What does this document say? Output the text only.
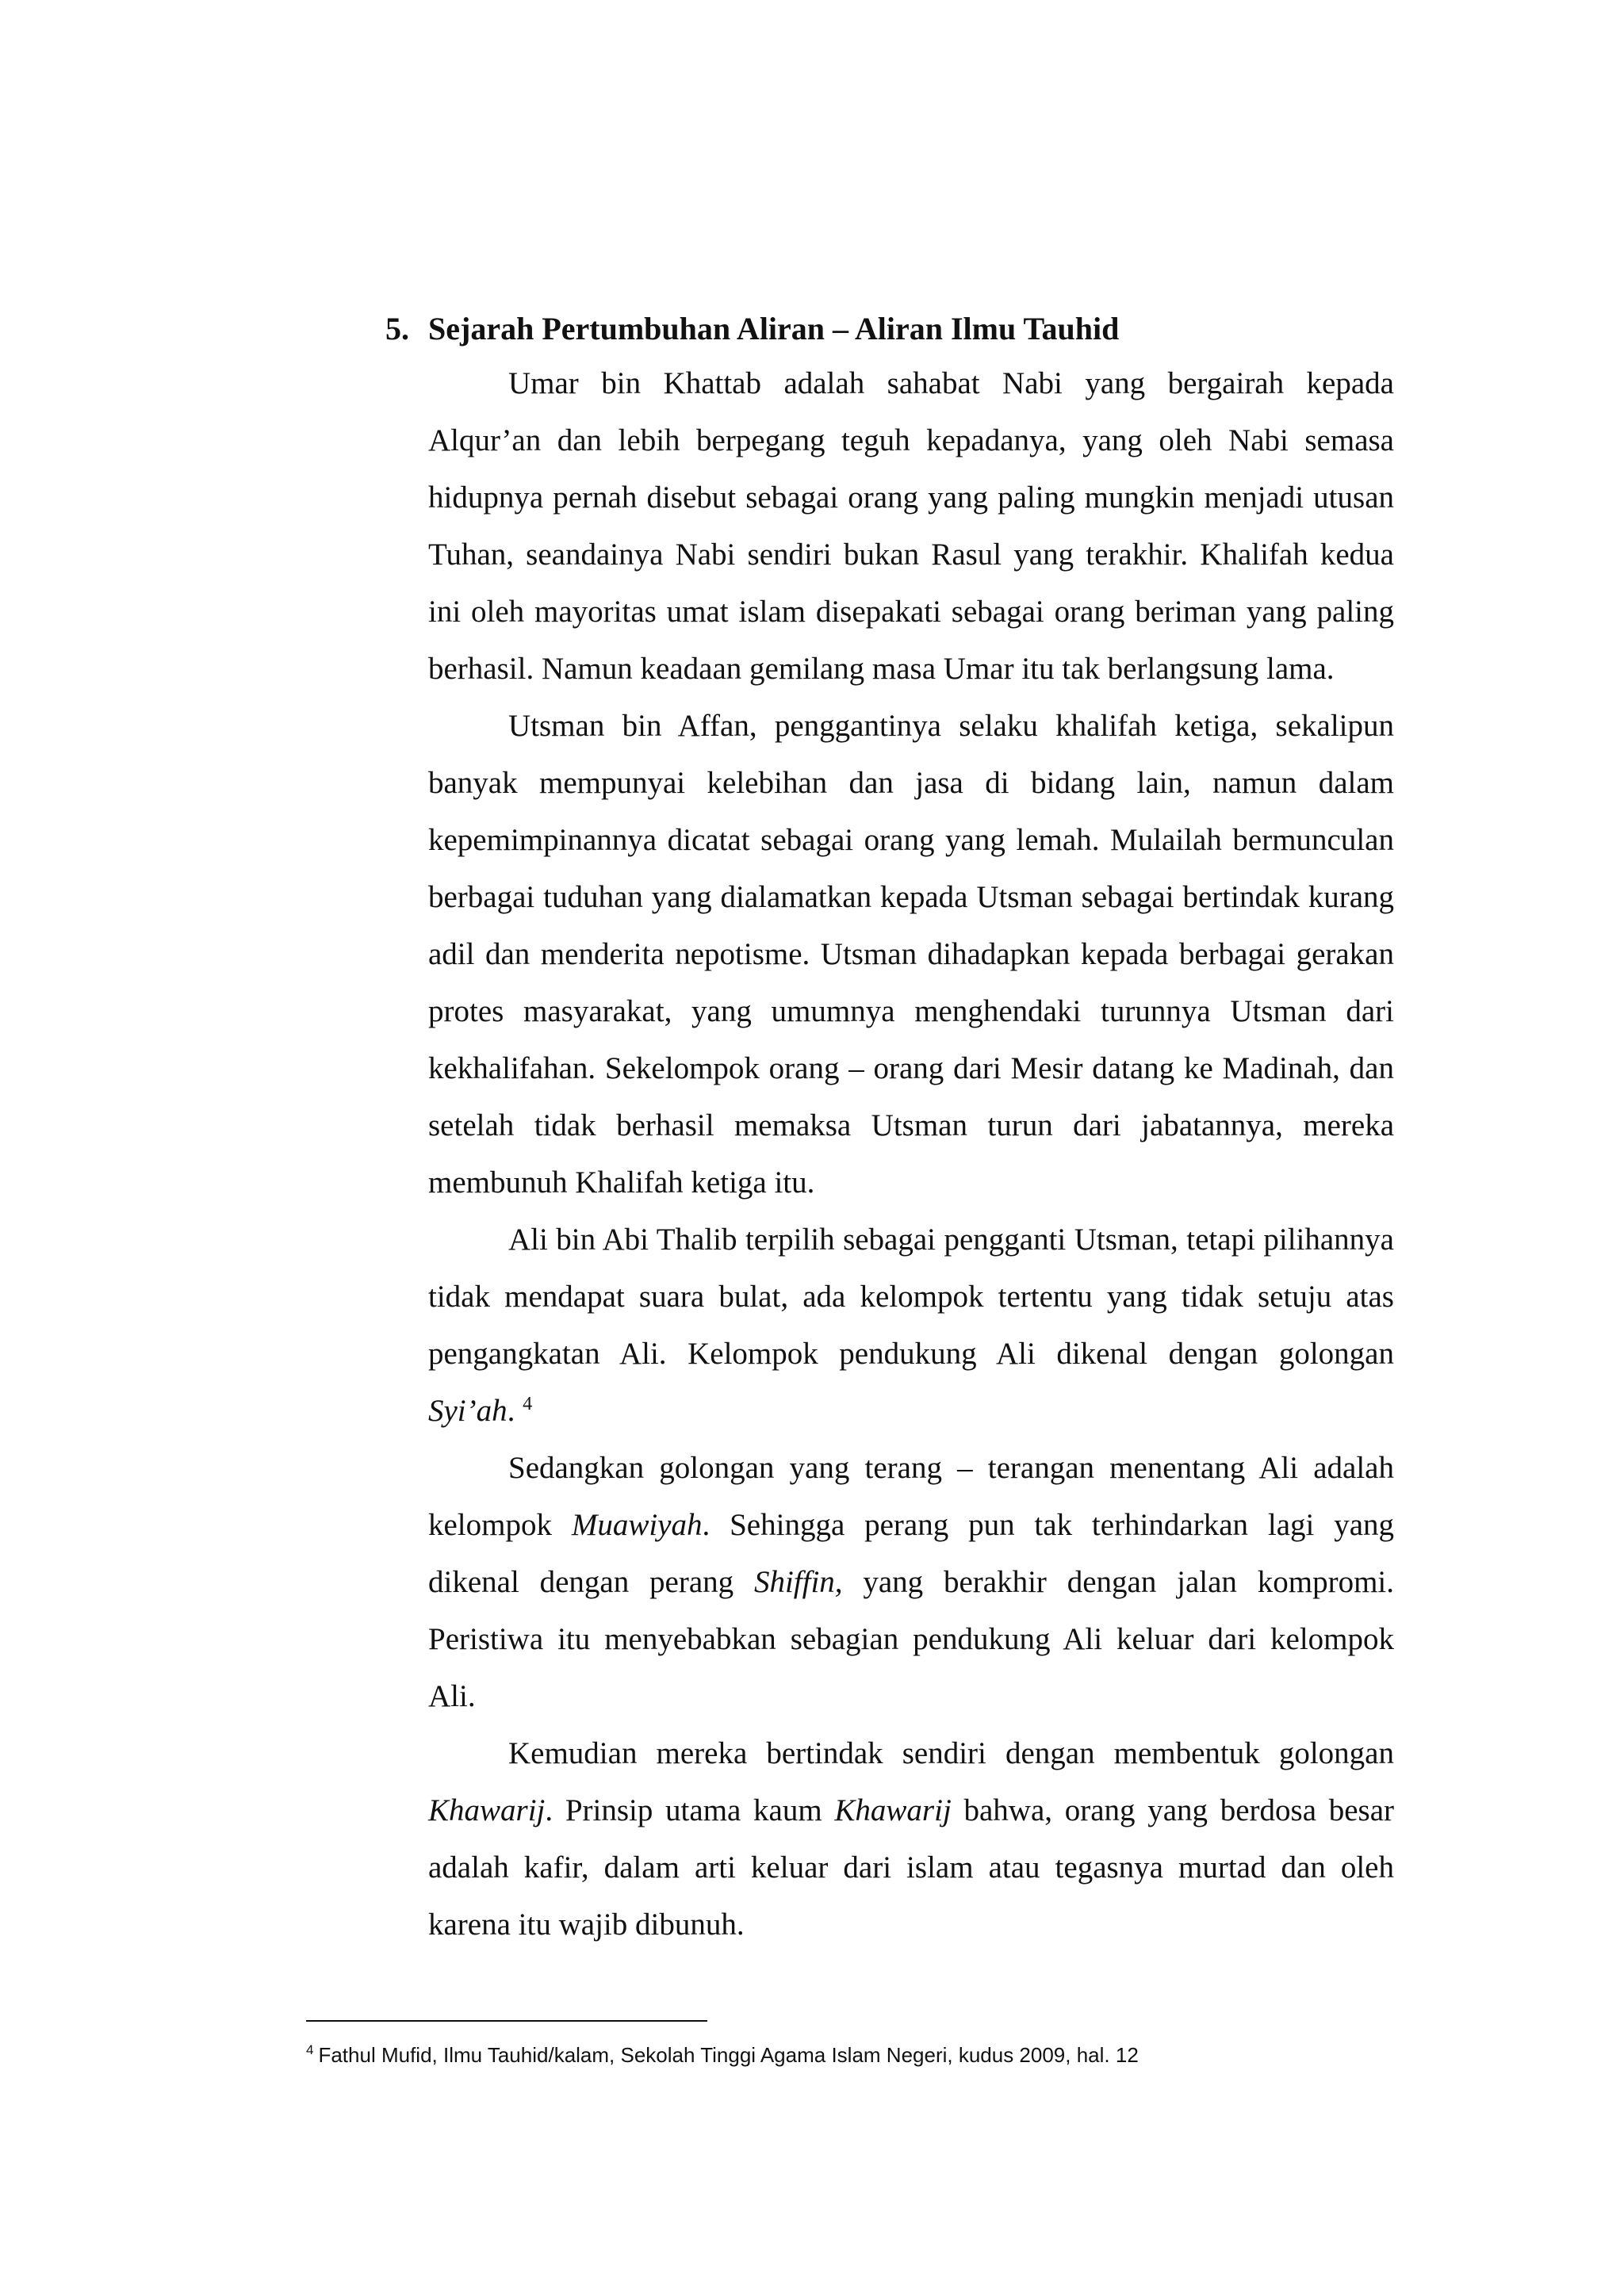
5. Sejarah Pertumbuhan Aliran – Aliran Ilmu Tauhid

Umar bin Khattab adalah sahabat Nabi yang bergairah kepada Alqur’an dan lebih berpegang teguh kepadanya, yang oleh Nabi semasa hidupnya pernah disebut sebagai orang yang paling mungkin menjadi utusan Tuhan, seandainya Nabi sendiri bukan Rasul yang terakhir. Khalifah kedua ini oleh mayoritas umat islam disepakati sebagai orang beriman yang paling berhasil. Namun keadaan gemilang masa Umar itu tak berlangsung lama.

Utsman bin Affan, penggantinya selaku khalifah ketiga, sekalipun banyak mempunyai kelebihan dan jasa di bidang lain, namun dalam kepemimpinannya dicatat sebagai orang yang lemah. Mulailah bermunculan berbagai tuduhan yang dialamatkan kepada Utsman sebagai bertindak kurang adil dan menderita nepotisme. Utsman dihadapkan kepada berbagai gerakan protes masyarakat, yang umumnya menghendaki turunnya Utsman dari kekhalifahan. Sekelompok orang – orang dari Mesir datang ke Madinah, dan setelah tidak berhasil memaksa Utsman turun dari jabatannya, mereka membunuh Khalifah ketiga itu.

Ali bin Abi Thalib terpilih sebagai pengganti Utsman, tetapi pilihannya tidak mendapat suara bulat, ada kelompok tertentu yang tidak setuju atas pengangkatan Ali. Kelompok pendukung Ali dikenal dengan golongan Syi’ah. $^4$

Sedangkan golongan yang terang – terangan menentang Ali adalah kelompok Muawiyah. Sehingga perang pun tak terhindarkan lagi yang dikenal dengan perang Shiffin, yang berakhir dengan jalan kompromi. Peristiwa itu menyebabkan sebagian pendukung Ali keluar dari kelompok Ali.

Kemudian mereka bertindak sendiri dengan membentuk golongan Khawarij. Prinsip utama kaum Khawarij bahwa, orang yang berdosa besar adalah kafir, dalam arti keluar dari islam atau tegasnya murtad dan oleh karena itu wajib dibunuh.

$^4$ Fathul Mufid, Ilmu Tauhid/kalam, Sekolah Tinggi Agama Islam Negeri, kudus 2009, hal. 12
